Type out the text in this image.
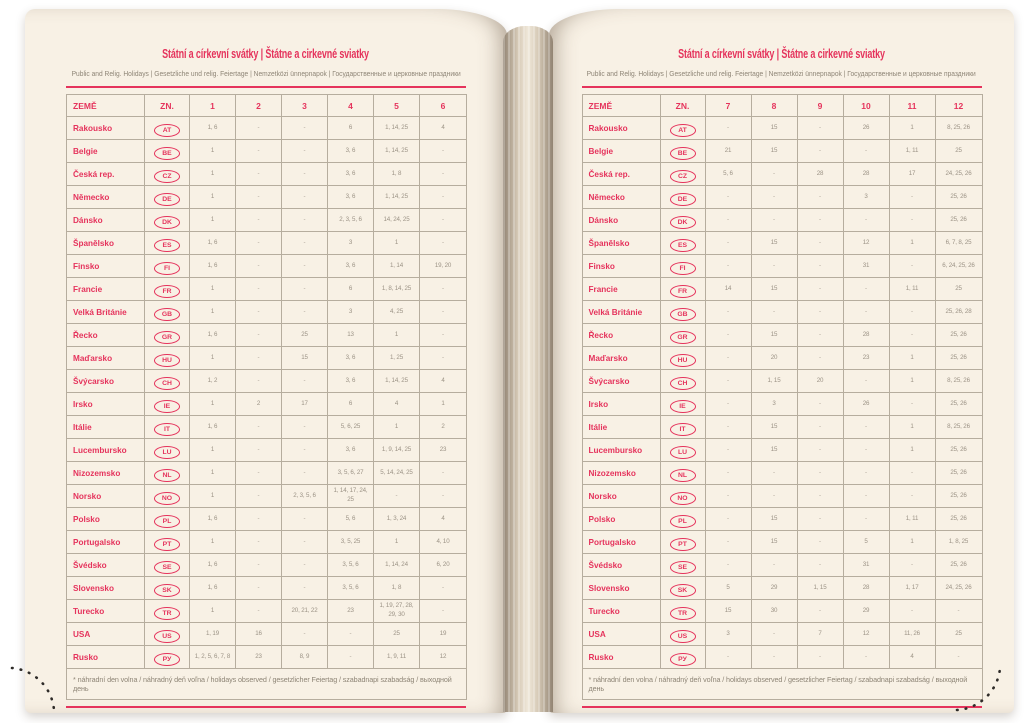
Státní a církevní svátky | Štátne a cirkevné sviatky
Public and Relig. Holidays | Gesetzliche und relig. Feiertage | Nemzetközi ünnepnapok | Государственные и церковные праздники
ZEMĚ	ZN.	1	2	3	4	5	6
Rakousko	AT	1, 6	-	-	6	1, 14, 25	4
Belgie	BE	1	-	-	3, 6	1, 14, 25	-
Česká rep.	CZ	1	-	-	3, 6	1, 8	-
Německo	DE	1	-	-	3, 6	1, 14, 25	-
Dánsko	DK	1	-	-	2, 3, 5, 6	14, 24, 25	-
Španělsko	ES	1, 6	-	-	3	1	-
Finsko	FI	1, 6	-	-	3, 6	1, 14	19, 20
Francie	FR	1	-	-	6	1, 8, 14, 25	-
Velká Británie	GB	1	-	-	3	4, 25	-
Řecko	GR	1, 6	-	25	13	1	-
Maďarsko	HU	1	-	15	3, 6	1, 25	-
Švýcarsko	CH	1, 2	-	-	3, 6	1, 14, 25	4
Irsko	IE	1	2	17	6	4	1
Itálie	IT	1, 6	-	-	5, 6, 25	1	2
Lucembursko	LU	1	-	-	3, 6	1, 9, 14, 25	23
Nizozemsko	NL	1	-	-	3, 5, 6, 27	5, 14, 24, 25	-
Norsko	NO	1	-	2, 3, 5, 6	1, 14, 17, 24, 25	-	-
Polsko	PL	1, 6	-	-	5, 6	1, 3, 24	4
Portugalsko	PT	1	-	-	3, 5, 25	1	4, 10
Švédsko	SE	1, 6	-	-	3, 5, 6	1, 14, 24	6, 20
Slovensko	SK	1, 6	-	-	3, 5, 6	1, 8	-
Turecko	TR	1	-	20, 21, 22	23	1, 19, 27, 28, 29, 30	-
USA	US	1, 19	16	-	-	25	19
Rusko	РУ	1, 2, 5, 6, 7, 8	23	8, 9	-	1, 9, 11	12
* náhradní den volna / náhradný deň voľna / holidays observed / gesetzlicher Feiertag / szabadnapi szabadság / выходной день							
Státní a církevní svátky | Štátne a cirkevné sviatky
Public and Relig. Holidays | Gesetzliche und relig. Feiertage | Nemzetközi ünnepnapok | Государственные и церковные праздники
ZEMĚ	ZN.	7	8	9	10	11	12
Rakousko	AT	-	15	-	26	1	8, 25, 26
Belgie	BE	21	15	-	-	1, 11	25
Česká rep.	CZ	5, 6	-	28	28	17	24, 25, 26
Německo	DE	-	-	-	3	-	25, 26
Dánsko	DK	-	-	-	-	-	25, 26
Španělsko	ES	-	15	-	12	1	6, 7, 8, 25
Finsko	FI	-	-	-	31	-	6, 24, 25, 26
Francie	FR	14	15	-	-	1, 11	25
Velká Británie	GB	-	-	-	-	-	25, 26, 28
Řecko	GR	-	15	-	28	-	25, 26
Maďarsko	HU	-	20	-	23	1	25, 26
Švýcarsko	CH	-	1, 15	20	-	1	8, 25, 26
Irsko	IE	-	3	-	26	-	25, 26
Itálie	IT	-	15	-	-	1	8, 25, 26
Lucembursko	LU	-	15	-	-	1	25, 26
Nizozemsko	NL	-	-	-	-	-	25, 26
Norsko	NO	-	-	-	-	-	25, 26
Polsko	PL	-	15	-	-	1, 11	25, 26
Portugalsko	PT	-	15	-	5	1	1, 8, 25
Švédsko	SE	-	-	-	31	-	25, 26
Slovensko	SK	5	29	1, 15	28	1, 17	24, 25, 26
Turecko	TR	15	30	-	29	-	-
USA	US	3	-	7	12	11, 26	25
Rusko	РУ	-	-	-	-	4	-
* náhradní den volna / náhradný deň voľna / holidays observed / gesetzlicher Feiertag / szabadnapi szabadság / выходной день							
